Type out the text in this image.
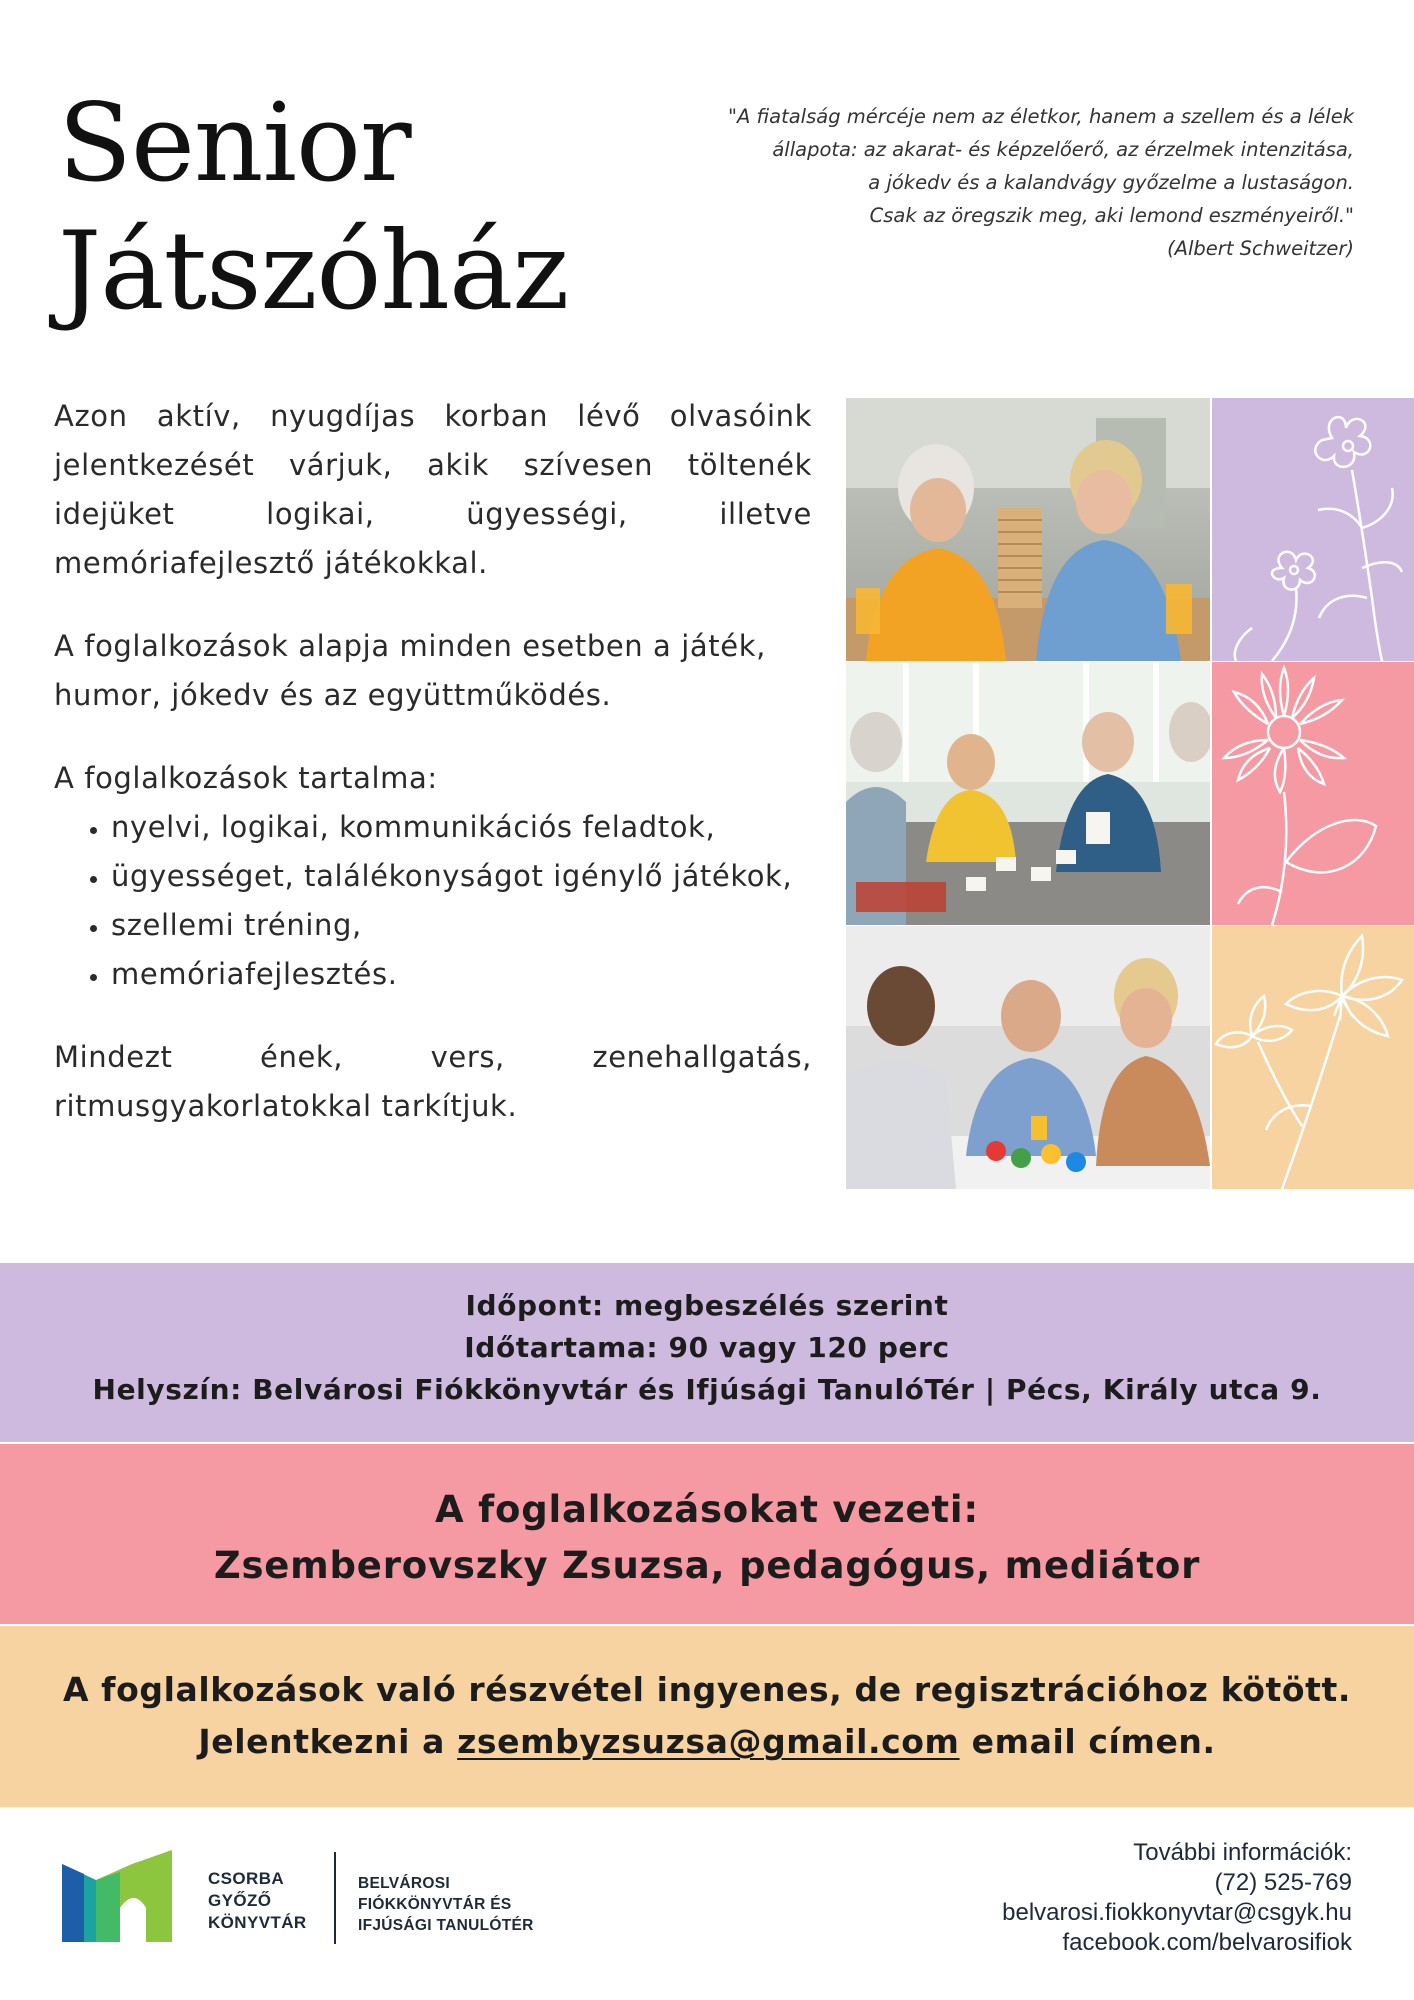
Senior
Játszóház
"A fiatalság mércéje nem az életkor, hanem a szellem és a lélek
állapota: az akarat- és képzelőerő, az érzelmek intenzitása,
a jókedv és a kalandvágy győzelme a lustaságon.
Csak az öregszik meg, aki lemond eszményeiről."
(Albert Schweitzer)

Azon aktív, nyugdíjas korban lévő olvasóink jelentkezését várjuk, akik szívesen töltenék idejüket logikai, ügyességi, illetve memóriafejlesztő játékokkal.

A foglalkozások alapja minden esetben a játék, humor, jókedv és az együttműködés.

A foglalkozások tartalma:

• nyelvi, logikai, kommunikációs feladtok,
• ügyességet, találékonyságot igénylő játékok,
• szellemi tréning,
• memóriafejlesztés.

Mindezt ének, vers, zenehallgatás, ritmusgyakorlatokkal tarkítjuk.

Időpont: megbeszélés szerint
Időtartama: 90 vagy 120 perc
Helyszín: Belvárosi Fiókkönyvtár és Ifjúsági TanulóTér | Pécs, Király utca 9.
A foglalkozásokat vezeti:
Zsemberovszky Zsuzsa, pedagógus, mediátor
A foglalkozások való részvétel ingyenes, de regisztrációhoz kötött.
Jelentkezni a zsembyzsuzsa@gmail.com email címen.
CSORBA
GYŐZŐ
KÖNYVTÁR
BELVÁROSI
FIÓKKÖNYVTÁR ÉS
IFJÚSÁGI TANULÓTÉR
További információk:
(72) 525-769
belvarosi.fiokkonyvtar@csgyk.hu
facebook.com/belvarosifiok
